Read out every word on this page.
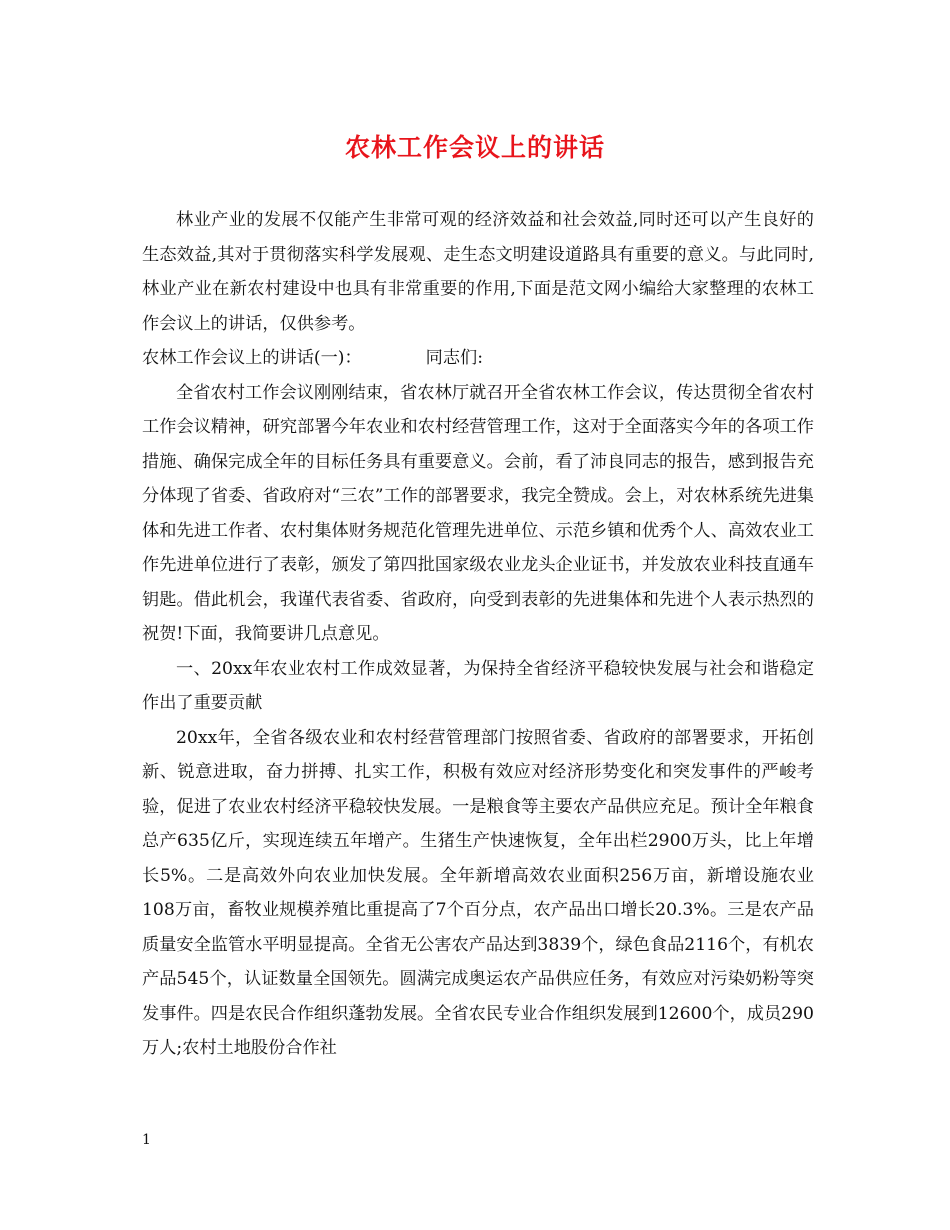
农林工作会议上的讲话

林业产业的发展不仅能产生非常可观的经济效益和社会效益,同时还可以产生良好的生态效益,其对于贯彻落实科学发展观、走生态文明建设道路具有重要的意义。与此同时,林业产业在新农村建设中也具有非常重要的作用,下面是范文网小编给大家整理的农林工作会议上的讲话，仅供参考。

农林工作会议上的讲话(一)：	同志们:

全省农村工作会议刚刚结束，省农林厅就召开全省农林工作会议，传达贯彻全省农村工作会议精神，研究部署今年农业和农村经营管理工作，这对于全面落实今年的各项工作措施、确保完成全年的目标任务具有重要意义。会前，看了沛良同志的报告，感到报告充分体现了省委、省政府对“三农”工作的部署要求，我完全赞成。会上，对农林系统先进集体和先进工作者、农村集体财务规范化管理先进单位、示范乡镇和优秀个人、高效农业工作先进单位进行了表彰，颁发了第四批国家级农业龙头企业证书，并发放农业科技直通车钥匙。借此机会，我谨代表省委、省政府，向受到表彰的先进集体和先进个人表示热烈的祝贺!下面，我简要讲几点意见。

一、20xx年农业农村工作成效显著，为保持全省经济平稳较快发展与社会和谐稳定作出了重要贡献

20xx年，全省各级农业和农村经营管理部门按照省委、省政府的部署要求，开拓创新、锐意进取，奋力拼搏、扎实工作，积极有效应对经济形势变化和突发事件的严峻考验，促进了农业农村经济平稳较快发展。一是粮食等主要农产品供应充足。预计全年粮食总产635亿斤，实现连续五年增产。生猪生产快速恢复，全年出栏2900万头，比上年增长5%。二是高效外向农业加快发展。全年新增高效农业面积256万亩，新增设施农业108万亩，畜牧业规模养殖比重提高了7个百分点，农产品出口增长20.3%。三是农产品质量安全监管水平明显提高。全省无公害农产品达到3839个，绿色食品2116个，有机农产品545个，认证数量全国领先。圆满完成奥运农产品供应任务，有效应对污染奶粉等突发事件。四是农民合作组织蓬勃发展。全省农民专业合作组织发展到12600个，成员290万人;农村土地股份合作社

1
